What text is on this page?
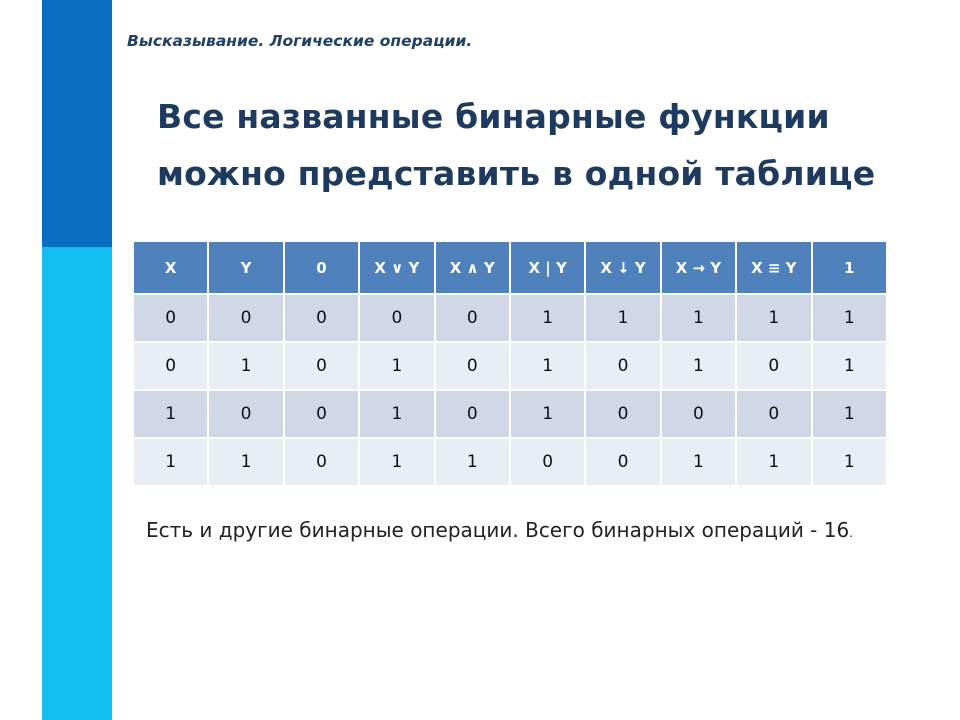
Высказывание. Логические операции.
Все названные бинарные функции
можно представить в одной таблице
X	Y	0	X ∨ Y	X ∧ Y	X | Y	X ↓ Y	X → Y	X ≡ Y	1
0	0	0	0	0	1	1	1	1	1
0	1	0	1	0	1	0	1	0	1
1	0	0	1	0	1	0	0	0	1
1	1	0	1	1	0	0	1	1	1
Есть и другие бинарные операции. Всего бинарных операций - 16.
